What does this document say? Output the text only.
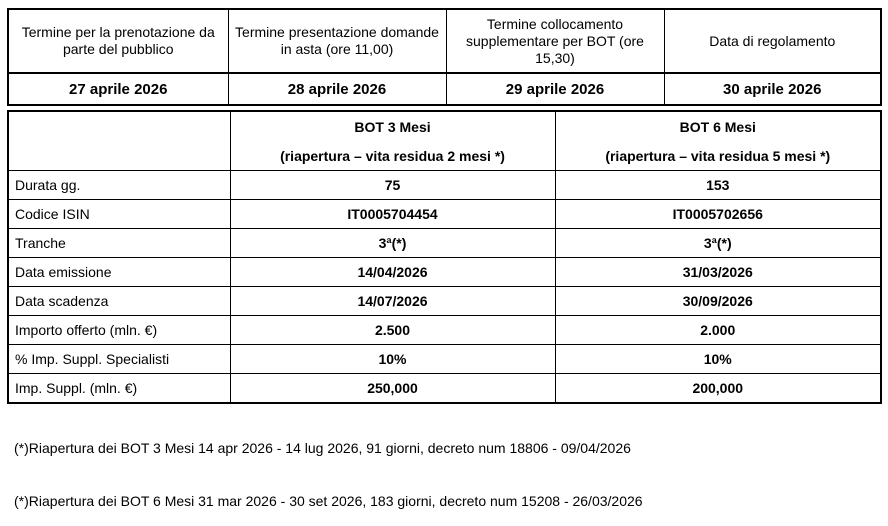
Termine per la prenotazione da parte del pubblico	Termine presentazione domande in asta (ore 11,00)	Termine collocamento supplementare per BOT (ore 15,30)	Data di regolamento
27 aprile 2026	28 aprile 2026	29 aprile 2026	30 aprile 2026
	BOT 3 Mesi	BOT 6 Mesi
	(riapertura – vita residua 2 mesi *)	(riapertura – vita residua 5 mesi *)
Durata gg.	75	153
Codice ISIN	IT0005704454	IT0005702656
Tranche	3ª(*)	3ª(*)
Data emissione	14/04/2026	31/03/2026
Data scadenza	14/07/2026	30/09/2026
Importo offerto (mln. €)	2.500	2.000
% Imp. Suppl. Specialisti	10%	10%
Imp. Suppl. (mln. €)	250,000	200,000
(*)Riapertura dei BOT 3 Mesi 14 apr 2026 - 14 lug 2026, 91 giorni, decreto num 18806 - 09/04/2026
(*)Riapertura dei BOT 6 Mesi 31 mar 2026 - 30 set 2026, 183 giorni, decreto num 15208 - 26/03/2026
